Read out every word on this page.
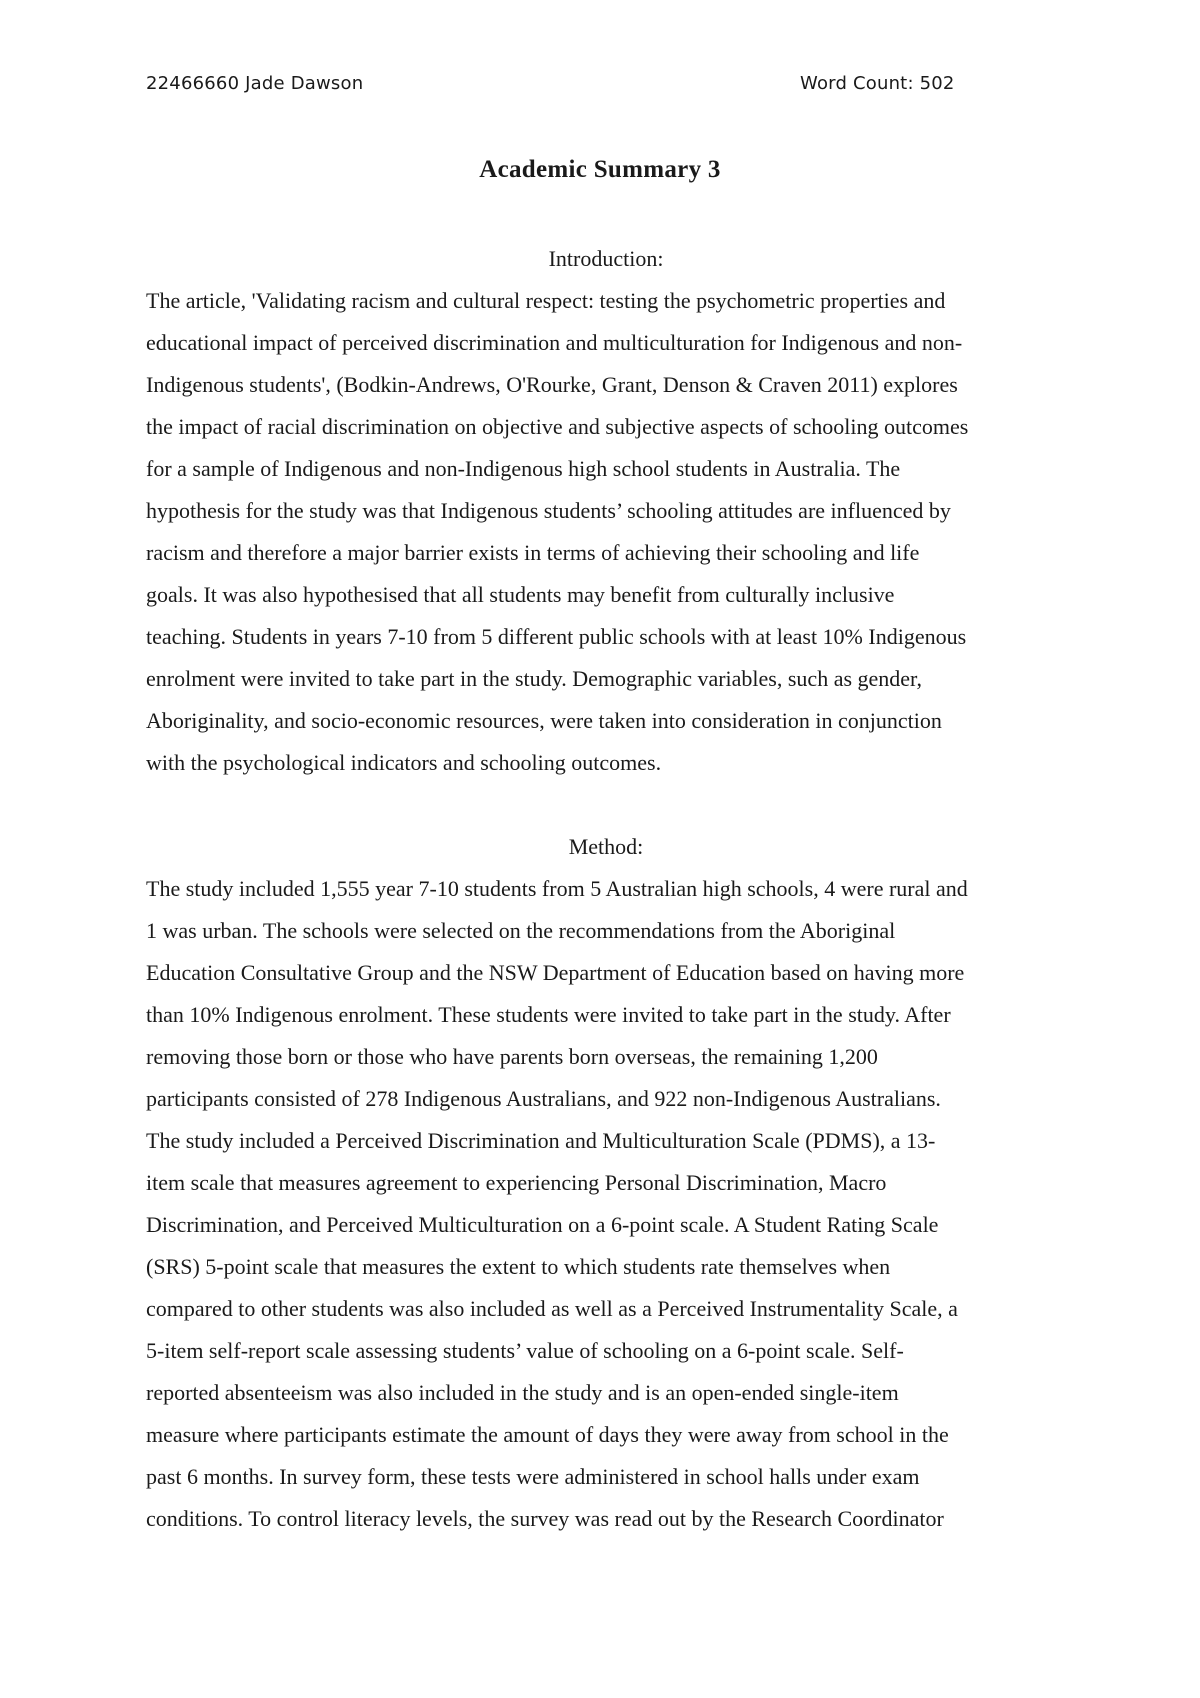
22466660 Jade Dawson	Word Count: 502
Academic Summary 3
Introduction:
The article, 'Validating racism and cultural respect: testing the psychometric properties and
educational impact of perceived discrimination and multiculturation for Indigenous and non-
Indigenous students', (Bodkin-Andrews, O'Rourke, Grant, Denson & Craven 2011) explores
the impact of racial discrimination on objective and subjective aspects of schooling outcomes
for a sample of Indigenous and non-Indigenous high school students in Australia. The
hypothesis for the study was that Indigenous students’ schooling attitudes are influenced by
racism and therefore a major barrier exists in terms of achieving their schooling and life
goals. It was also hypothesised that all students may benefit from culturally inclusive
teaching. Students in years 7-10 from 5 different public schools with at least 10% Indigenous
enrolment were invited to take part in the study. Demographic variables, such as gender,
Aboriginality, and socio-economic resources, were taken into consideration in conjunction
with the psychological indicators and schooling outcomes.
Method:
The study included 1,555 year 7-10 students from 5 Australian high schools, 4 were rural and
1 was urban. The schools were selected on the recommendations from the Aboriginal
Education Consultative Group and the NSW Department of Education based on having more
than 10% Indigenous enrolment. These students were invited to take part in the study. After
removing those born or those who have parents born overseas, the remaining 1,200
participants consisted of 278 Indigenous Australians, and 922 non-Indigenous Australians.
The study included a Perceived Discrimination and Multiculturation Scale (PDMS), a 13-
item scale that measures agreement to experiencing Personal Discrimination, Macro
Discrimination, and Perceived Multiculturation on a 6-point scale. A Student Rating Scale
(SRS) 5-point scale that measures the extent to which students rate themselves when
compared to other students was also included as well as a Perceived Instrumentality Scale, a
5-item self-report scale assessing students’ value of schooling on a 6-point scale. Self-
reported absenteeism was also included in the study and is an open-ended single-item
measure where participants estimate the amount of days they were away from school in the
past 6 months. In survey form, these tests were administered in school halls under exam
conditions. To control literacy levels, the survey was read out by the Research Coordinator
